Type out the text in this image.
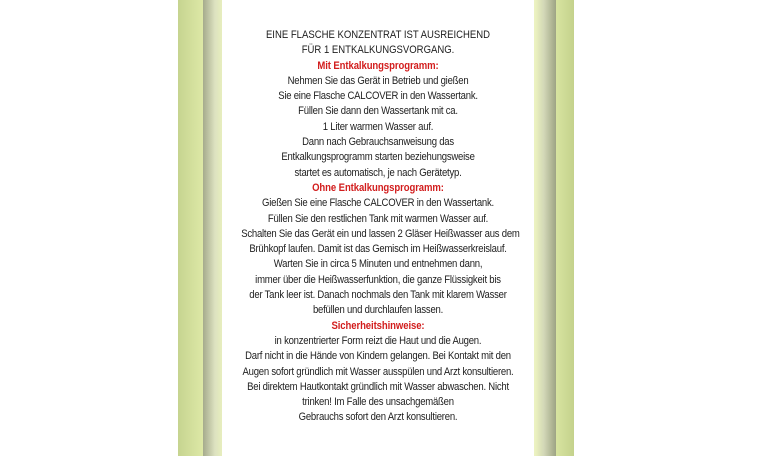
EINE FLASCHE KONZENTRAT IST AUSREICHEND

FÜR 1 ENTKALKUNGSVORGANG.

Mit Entkalkungsprogramm:

Nehmen Sie das Gerät in Betrieb und gießen

Sie eine Flasche CALCOVER in den Wassertank.

Füllen Sie dann den Wassertank mit ca.

1 Liter warmen Wasser auf.

Dann nach Gebrauchsanweisung das

Entkalkungsprogramm starten beziehungsweise

startet es automatisch, je nach Gerätetyp.

Ohne Entkalkungsprogramm:

Gießen Sie eine Flasche CALCOVER in den Wassertank.

Füllen Sie den restlichen Tank mit warmen Wasser auf.

Schalten Sie das Gerät ein und lassen 2 Gläser Heißwasser aus dem

Brühkopf laufen. Damit ist das Gemisch im Heißwasserkreislauf.

Warten Sie in circa 5 Minuten und entnehmen dann,

immer über die Heißwasserfunktion, die ganze Flüssigkeit bis

der Tank leer ist. Danach nochmals den Tank mit klarem Wasser

befüllen und durchlaufen lassen.

Sicherheitshinweise:

in konzentrierter Form reizt die Haut und die Augen.

Darf nicht in die Hände von Kindern gelangen. Bei Kontakt mit den

Augen sofort gründlich mit Wasser ausspülen und Arzt konsultieren.

Bei direktem Hautkontakt gründlich mit Wasser abwaschen. Nicht

trinken! Im Falle des unsachgemäßen

Gebrauchs sofort den Arzt konsultieren.
